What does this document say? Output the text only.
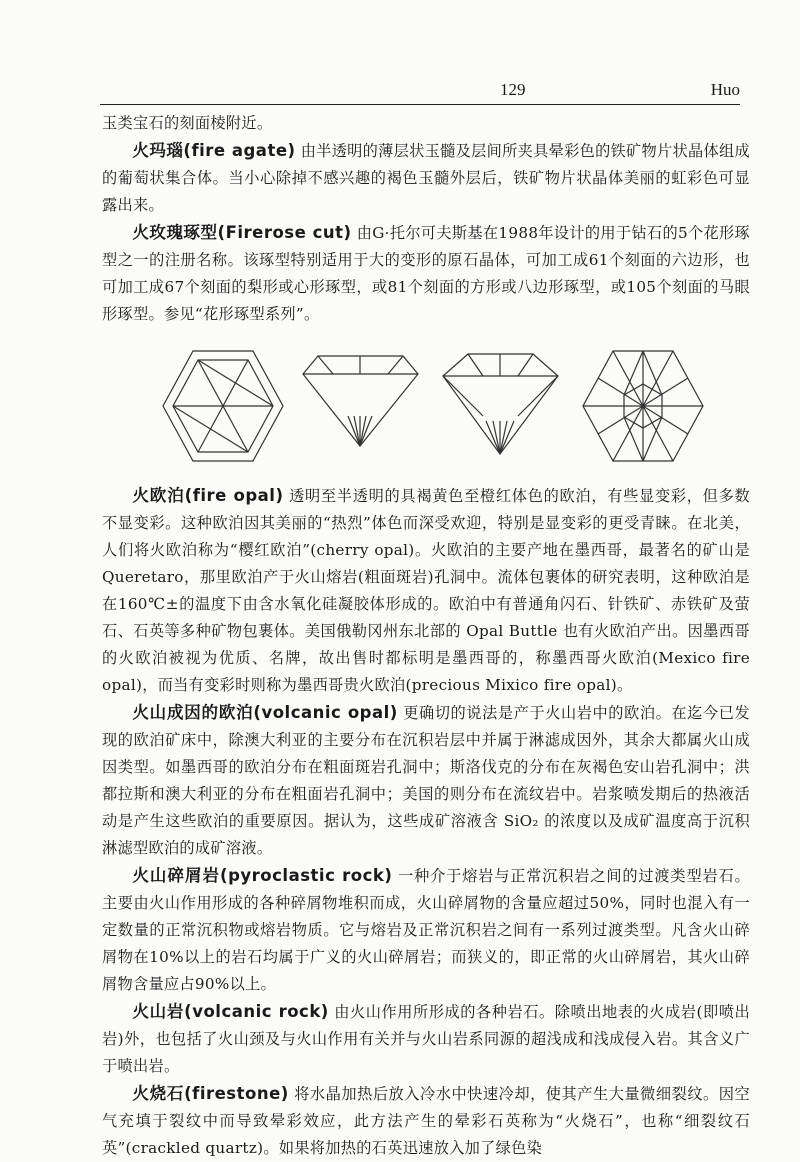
129	Huo

玉类宝石的刻面棱附近。

火玛瑙(fire agate) 由半透明的薄层状玉髓及层间所夹具晕彩色的铁矿物片状晶体组成的葡萄状集合体。当小心除掉不感兴趣的褐色玉髓外层后，铁矿物片状晶体美丽的虹彩色可显露出来。

火玫瑰琢型(Firerose cut) 由G·托尔可夫斯基在1988年设计的用于钻石的5个花形琢型之一的注册名称。该琢型特别适用于大的变形的原石晶体，可加工成61个刻面的六边形，也可加工成67个刻面的梨形或心形琢型，或81个刻面的方形或八边形琢型，或105个刻面的马眼形琢型。参见“花形琢型系列”。

火欧泊(fire opal) 透明至半透明的具褐黄色至橙红体色的欧泊，有些显变彩，但多数不显变彩。这种欧泊因其美丽的“热烈”体色而深受欢迎，特别是显变彩的更受青睐。在北美，人们将火欧泊称为“樱红欧泊”(cherry opal)。火欧泊的主要产地在墨西哥，最著名的矿山是 Queretaro，那里欧泊产于火山熔岩(粗面斑岩)孔洞中。流体包裹体的研究表明，这种欧泊是在160℃±的温度下由含水氧化硅凝胶体形成的。欧泊中有普通角闪石、针铁矿、赤铁矿及萤石、石英等多种矿物包裹体。美国俄勒冈州东北部的 Opal Buttle 也有火欧泊产出。因墨西哥的火欧泊被视为优质、名牌，故出售时都标明是墨西哥的，称墨西哥火欧泊(Mexico fire opal)，而当有变彩时则称为墨西哥贵火欧泊(precious Mixico fire opal)。

火山成因的欧泊(volcanic opal) 更确切的说法是产于火山岩中的欧泊。在迄今已发现的欧泊矿床中，除澳大利亚的主要分布在沉积岩层中并属于淋滤成因外，其余大都属火山成因类型。如墨西哥的欧泊分布在粗面斑岩孔洞中；斯洛伐克的分布在灰褐色安山岩孔洞中；洪都拉斯和澳大利亚的分布在粗面岩孔洞中；美国的则分布在流纹岩中。岩浆喷发期后的热液活动是产生这些欧泊的重要原因。据认为，这些成矿溶液含 SiO₂ 的浓度以及成矿温度高于沉积淋滤型欧泊的成矿溶液。

火山碎屑岩(pyroclastic rock) 一种介于熔岩与正常沉积岩之间的过渡类型岩石。主要由火山作用形成的各种碎屑物堆积而成，火山碎屑物的含量应超过50%，同时也混入有一定数量的正常沉积物或熔岩物质。它与熔岩及正常沉积岩之间有一系列过渡类型。凡含火山碎屑物在10%以上的岩石均属于广义的火山碎屑岩；而狭义的，即正常的火山碎屑岩，其火山碎屑物含量应占90%以上。

火山岩(volcanic rock) 由火山作用所形成的各种岩石。除喷出地表的火成岩(即喷出岩)外，也包括了火山颈及与火山作用有关并与火山岩系同源的超浅成和浅成侵入岩。其含义广于喷出岩。

火烧石(firestone) 将水晶加热后放入冷水中快速冷却，使其产生大量微细裂纹。因空气充填于裂纹中而导致晕彩效应，此方法产生的晕彩石英称为“火烧石”，也称“细裂纹石英”(crackled quartz)。如果将加热的石英迅速放入加了绿色染
